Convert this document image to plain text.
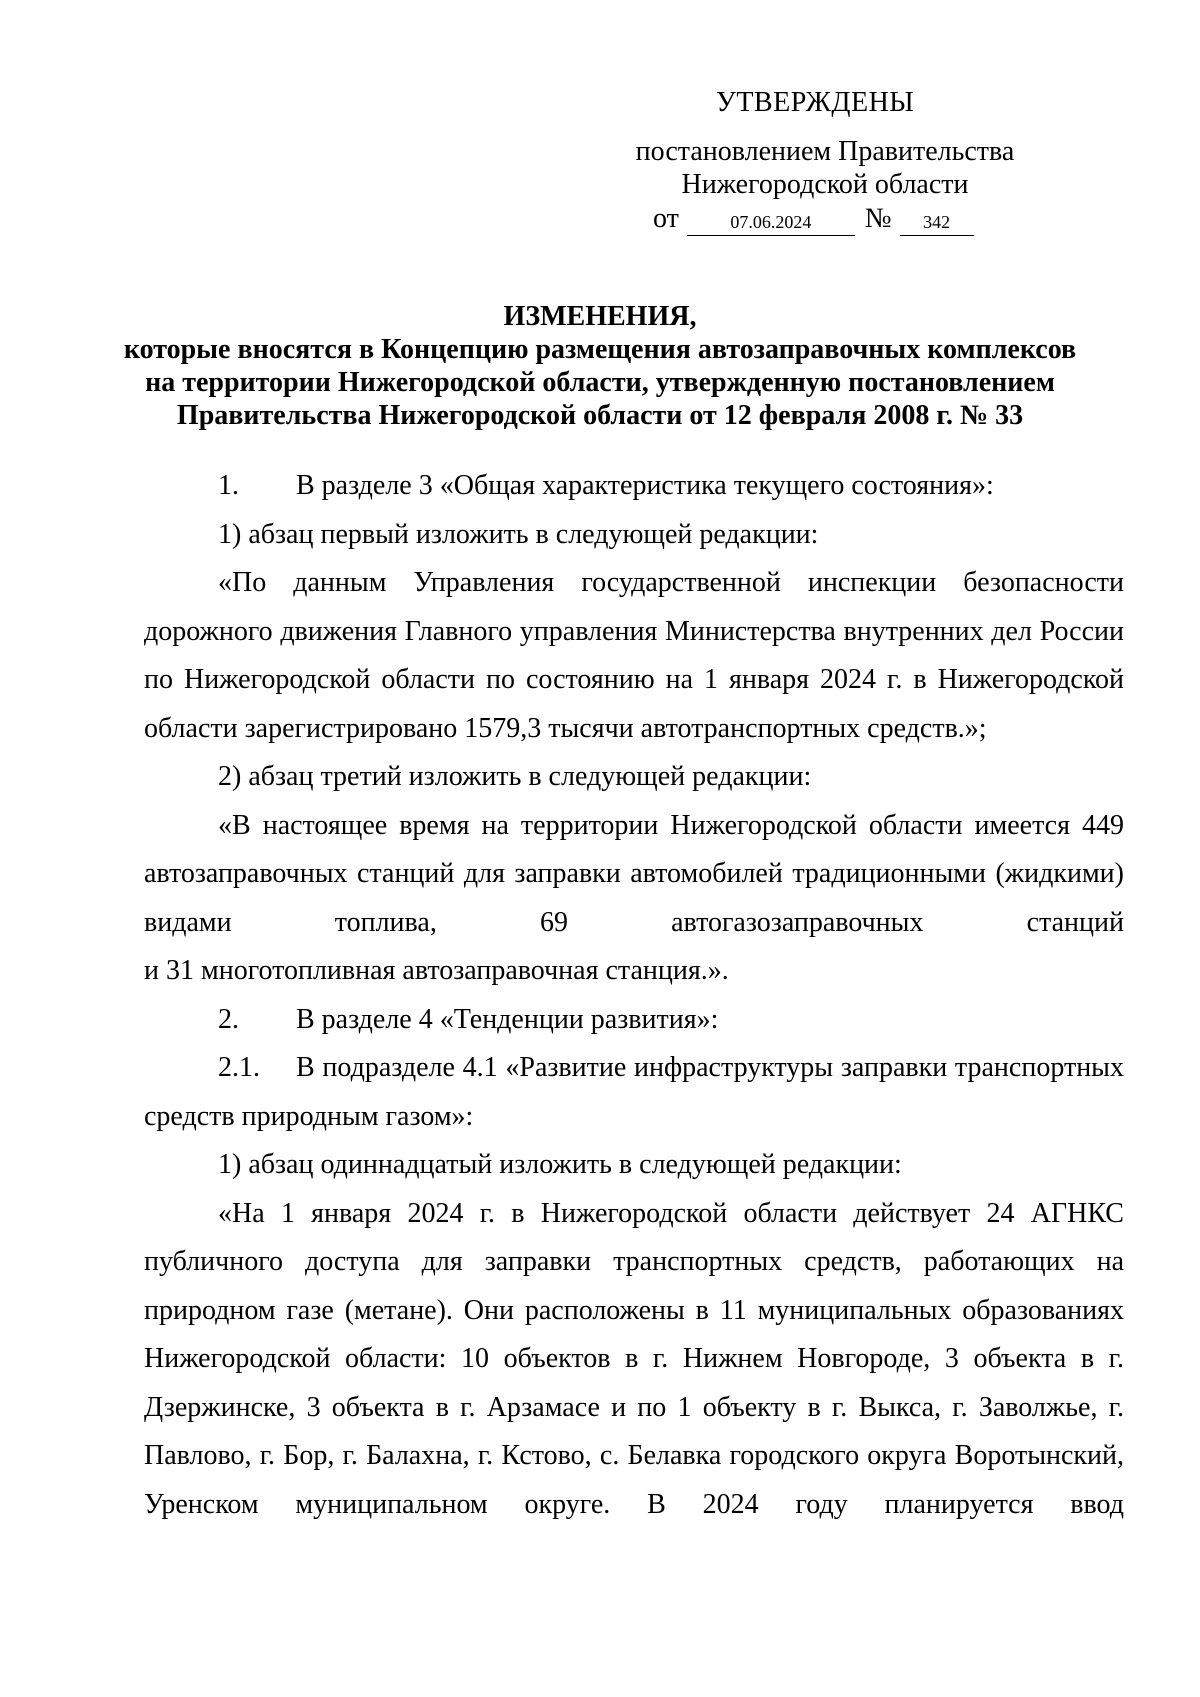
УТВЕРЖДЕНЫ
постановлением Правительства
Нижегородской области
от	07.06.2024	№	342
ИЗМЕНЕНИЯ,
которые вносятся в Концепцию размещения автозаправочных комплексов
на территории Нижегородской области, утвержденную постановлением
Правительства Нижегородской области от 12 февраля 2008 г. № 33

1. В разделе 3 «Общая характеристика текущего состояния»:

1) абзац первый изложить в следующей редакции:

«По данным Управления государственной инспекции безопасности дорожного движения Главного управления Министерства внутренних дел России по Нижегородской области по состоянию на 1 января 2024 г. в Нижегородской области зарегистрировано 1579,3 тысячи автотранспортных средств.»;

2) абзац третий изложить в следующей редакции:

«В настоящее время на территории Нижегородской области имеется 449 автозаправочных станций для заправки автомобилей традиционными (жидкими) видами топлива, 69 автогазозаправочных станций

и 31 многотопливная автозаправочная станция.».

2. В разделе 4 «Тенденции развития»:

2.1. В подразделе 4.1 «Развитие инфраструктуры заправки транспортных средств природным газом»:

1) абзац одиннадцатый изложить в следующей редакции:

«На 1 января 2024 г. в Нижегородской области действует 24 АГНКС публичного доступа для заправки транспортных средств, работающих на природном газе (метане). Они расположены в 11 муниципальных образованиях Нижегородской области: 10 объектов в г. Нижнем Новгороде, 3 объекта в г. Дзержинске, 3 объекта в г. Арзамасе и по 1 объекту в г. Выкса, г. Заволжье, г. Павлово, г. Бор, г. Балахна, г. Кстово, с. Белавка городского округа Воротынский, Уренском муниципальном округе. В 2024 году планируется ввод
